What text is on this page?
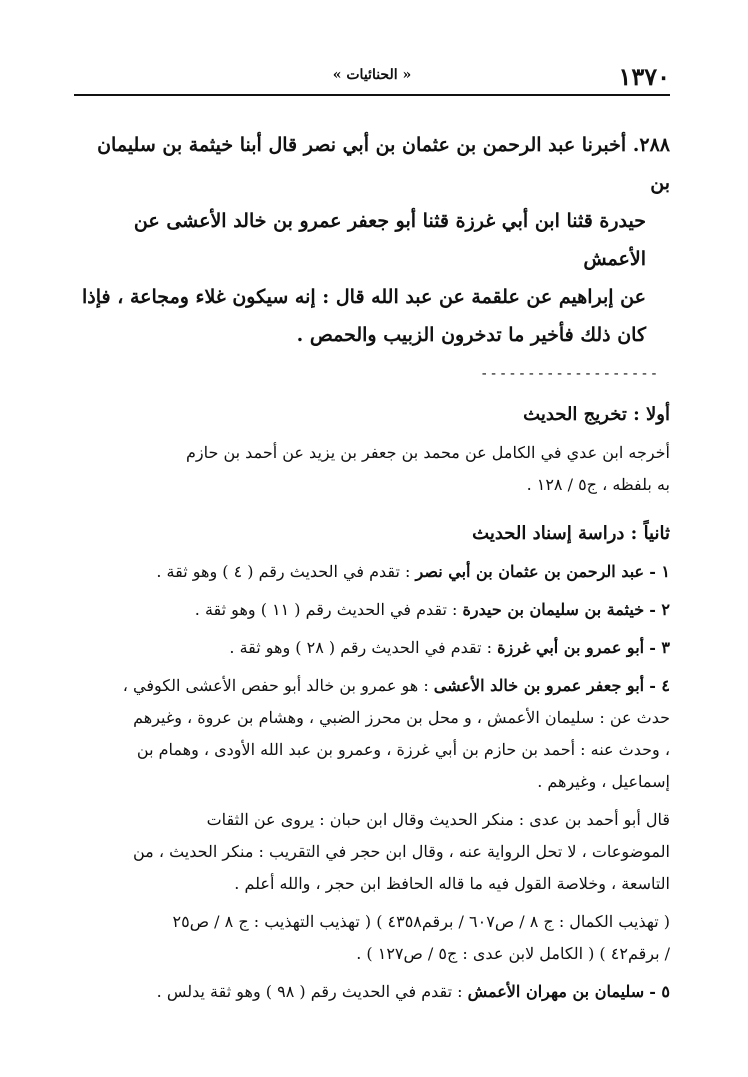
١٣٧٠
« الحنائيات »

٢٨٨. أخبرنا عبد الرحمن بن عثمان بن أبي نصر قال أبنا خيثمة بن سليمان بن

حيدرة قثنا ابن أبي غرزة قثنا أبو جعفر عمرو بن خالد الأعشى عن الأعمش

عن إبراهيم عن علقمة عن عبد الله قال : إنه سيكون غلاء ومجاعة ، فإذا

كان ذلك فأخير ما تدخرون الزبيب والحمص .

-------------------
أولا : تخريج الحديث

أخرجه ابن عدي في الكامل عن محمد بن جعفر بن يزيد عن أحمد بن حازم
به بلفظه ، ج٥ / ١٢٨ .

ثانياً : دراسة إسناد الحديث

١ - عبد الرحمن بن عثمان بن أبي نصر : تقدم في الحديث رقم ( ٤ ) وهو ثقة .

٢ - خيثمة بن سليمان بن حيدرة : تقدم في الحديث رقم ( ١١ ) وهو ثقة .

٣ - أبو عمرو بن أبي غرزة : تقدم في الحديث رقم ( ٢٨ ) وهو ثقة .

٤ - أبو جعفر عمرو بن خالد الأعشى : هو عمرو بن خالد أبو حفص الأعشى الكوفي ،
حدث عن : سليمان الأعمش ، و محل بن محرز الضبي ، وهشام بن عروة ، وغيرهم
، وحدث عنه : أحمد بن حازم بن أبي غرزة ، وعمرو بن عبد الله الأودى ، وهمام بن
إسماعيل ، وغيرهم .

قال أبو أحمد بن عدى : منكر الحديث وقال ابن حبان : يروى عن الثقات
الموضوعات ، لا تحل الرواية عنه ، وقال ابن حجر في التقريب : منكر الحديث ، من
التاسعة ، وخلاصة القول فيه ما قاله الحافظ ابن حجر ، والله أعلم .

( تهذيب الكمال : ج ٨ / ص٦٠٧ / برقم٤٣٥٨ ) ( تهذيب التهذيب : ج ٨ / ص٢٥
/ برقم٤٢ ) ( الكامل لابن عدى : ج٥ / ص١٢٧ ) .

٥ - سليمان بن مهران الأعمش : تقدم في الحديث رقم ( ٩٨ ) وهو ثقة يدلس .
